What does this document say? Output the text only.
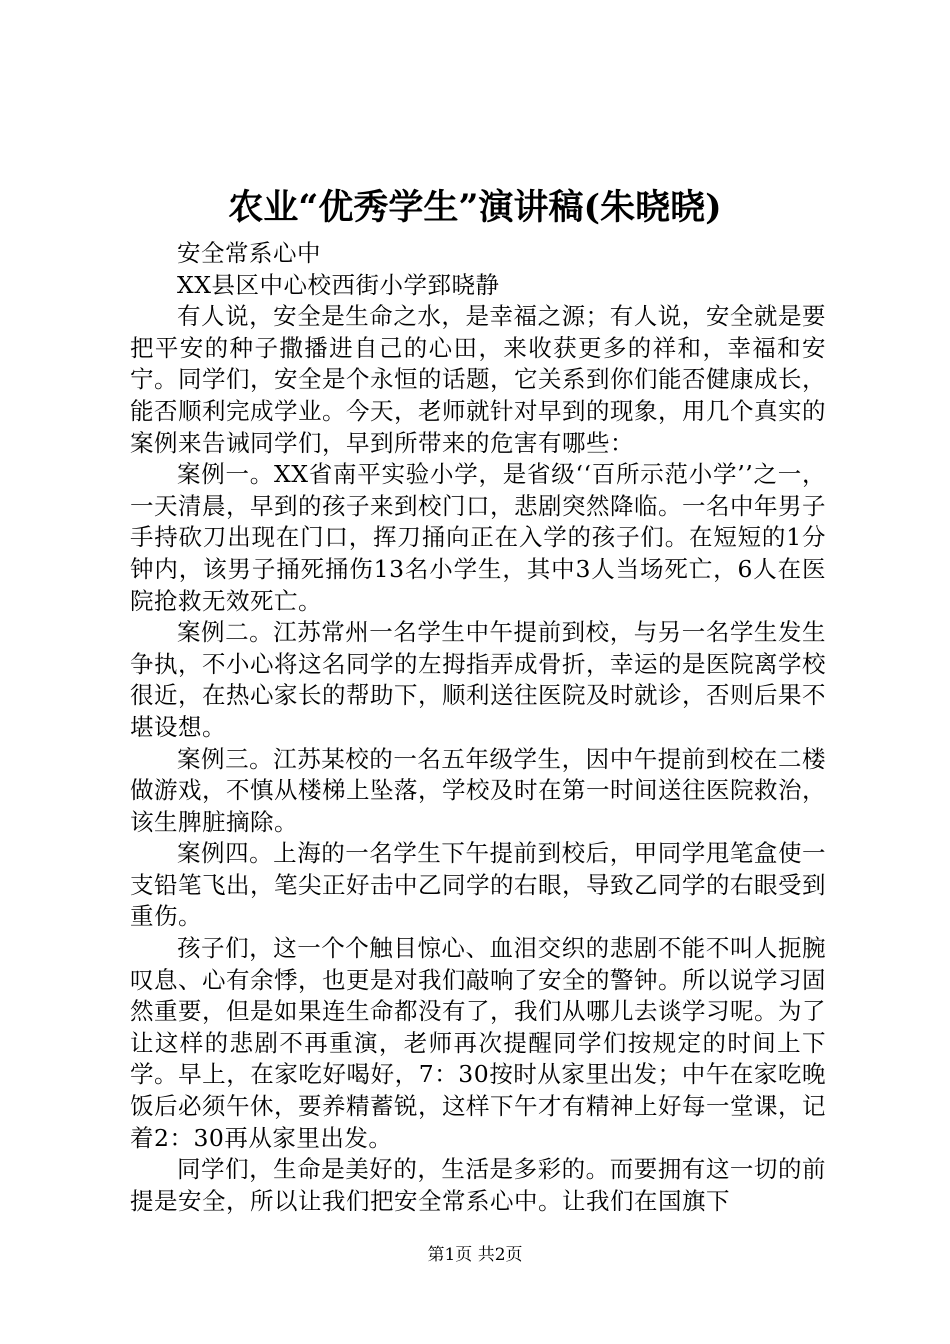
农业“优秀学生”演讲稿(朱晓晓)

安全常系心中

XX县区中心校西街小学郅晓静

有人说，安全是生命之水，是幸福之源；有人说，安全就是要把平安的种子撒播进自己的心田，来收获更多的祥和，幸福和安宁。同学们，安全是个永恒的话题，它关系到你们能否健康成长，能否顺利完成学业。今天，老师就针对早到的现象，用几个真实的案例来告诫同学们，早到所带来的危害有哪些：

案例一。XX省南平实验小学，是省级‘‘百所示范小学’’之一，一天清晨，早到的孩子来到校门口，悲剧突然降临。一名中年男子手持砍刀出现在门口，挥刀捅向正在入学的孩子们。在短短的1分钟内，该男子捅死捅伤13名小学生，其中3人当场死亡，6人在医院抢救无效死亡。

案例二。江苏常州一名学生中午提前到校，与另一名学生发生争执，不小心将这名同学的左拇指弄成骨折，幸运的是医院离学校很近，在热心家长的帮助下，顺利送往医院及时就诊，否则后果不堪设想。

案例三。江苏某校的一名五年级学生，因中午提前到校在二楼做游戏，不慎从楼梯上坠落，学校及时在第一时间送往医院救治，该生脾脏摘除。

案例四。上海的一名学生下午提前到校后，甲同学甩笔盒使一支铅笔飞出，笔尖正好击中乙同学的右眼，导致乙同学的右眼受到重伤。

孩子们，这一个个触目惊心、血泪交织的悲剧不能不叫人扼腕叹息、心有余悸，也更是对我们敲响了安全的警钟。所以说学习固然重要，但是如果连生命都没有了，我们从哪儿去谈学习呢。为了让这样的悲剧不再重演，老师再次提醒同学们按规定的时间上下学。早上，在家吃好喝好，7：30按时从家里出发；中午在家吃晚饭后必须午休，要养精蓄锐，这样下午才有精神上好每一堂课，记着2：30再从家里出发。

同学们，生命是美好的，生活是多彩的。而要拥有这一切的前提是安全，所以让我们把安全常系心中。让我们在国旗下

第1页 共2页
